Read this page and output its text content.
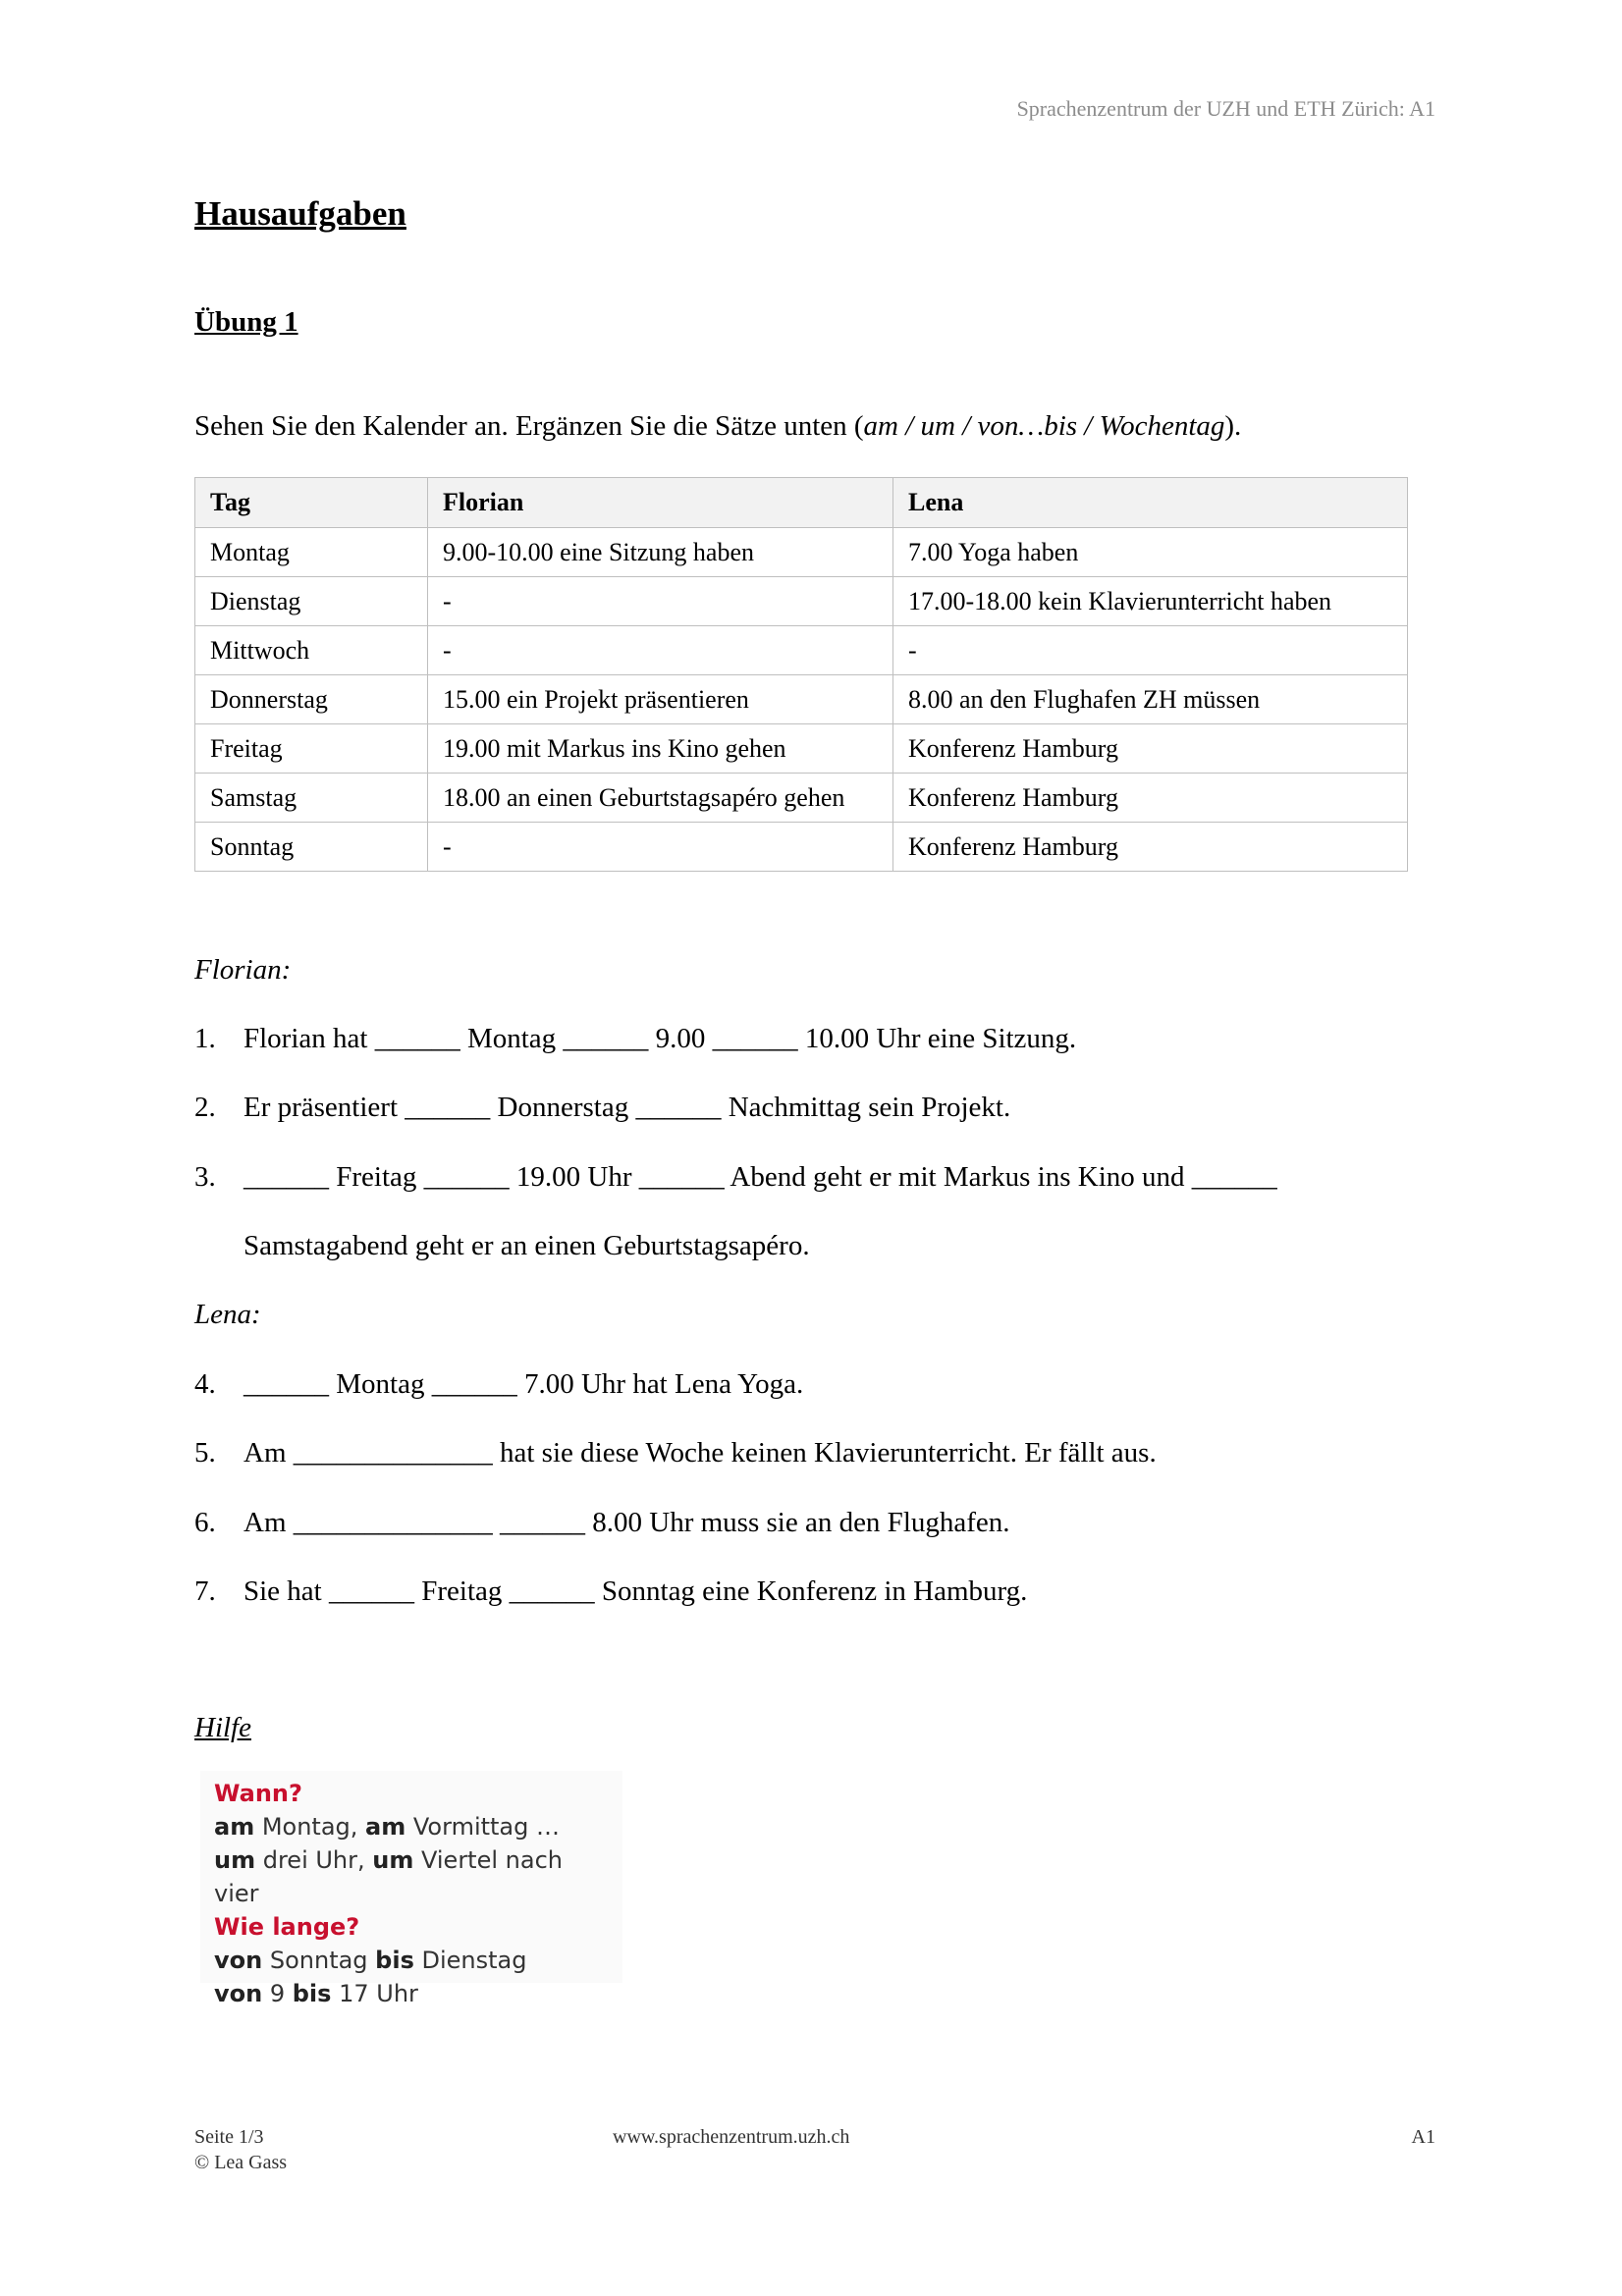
Sprachenzentrum der UZH und ETH Zürich: A1
Hausaufgaben
Übung 1
Sehen Sie den Kalender an. Ergänzen Sie die Sätze unten (am / um / von…bis / Wochentag).
Tag	Florian	Lena
Montag	9.00-10.00 eine Sitzung haben	7.00 Yoga haben
Dienstag	-	17.00-18.00 kein Klavierunterricht haben
Mittwoch	-	-
Donnerstag	15.00 ein Projekt präsentieren	8.00 an den Flughafen ZH müssen
Freitag	19.00 mit Markus ins Kino gehen	Konferenz Hamburg
Samstag	18.00 an einen Geburtstagsapéro gehen	Konferenz Hamburg
Sonntag	-	Konferenz Hamburg
Florian:
1. Florian hat ______ Montag ______ 9.00 ______ 10.00 Uhr eine Sitzung.
2. Er präsentiert ______ Donnerstag ______ Nachmittag sein Projekt.
3. ______ Freitag ______ 19.00 Uhr ______ Abend geht er mit Markus ins Kino und ______
Samstagabend geht er an einen Geburtstagsapéro.
Lena:
4. ______ Montag ______ 7.00 Uhr hat Lena Yoga.
5. Am ______________ hat sie diese Woche keinen Klavierunterricht. Er fällt aus.
6. Am ______________ ______ 8.00 Uhr muss sie an den Flughafen.
7. Sie hat ______ Freitag ______ Sonntag eine Konferenz in Hamburg.
Hilfe
Wann?
am Montag, am Vormittag …
um drei Uhr, um Viertel nach vier
Wie lange?
von Sonntag bis Dienstag
von 9 bis 17 Uhr
Seite 1/3
© Lea Gass
www.sprachenzentrum.uzh.ch	A1
